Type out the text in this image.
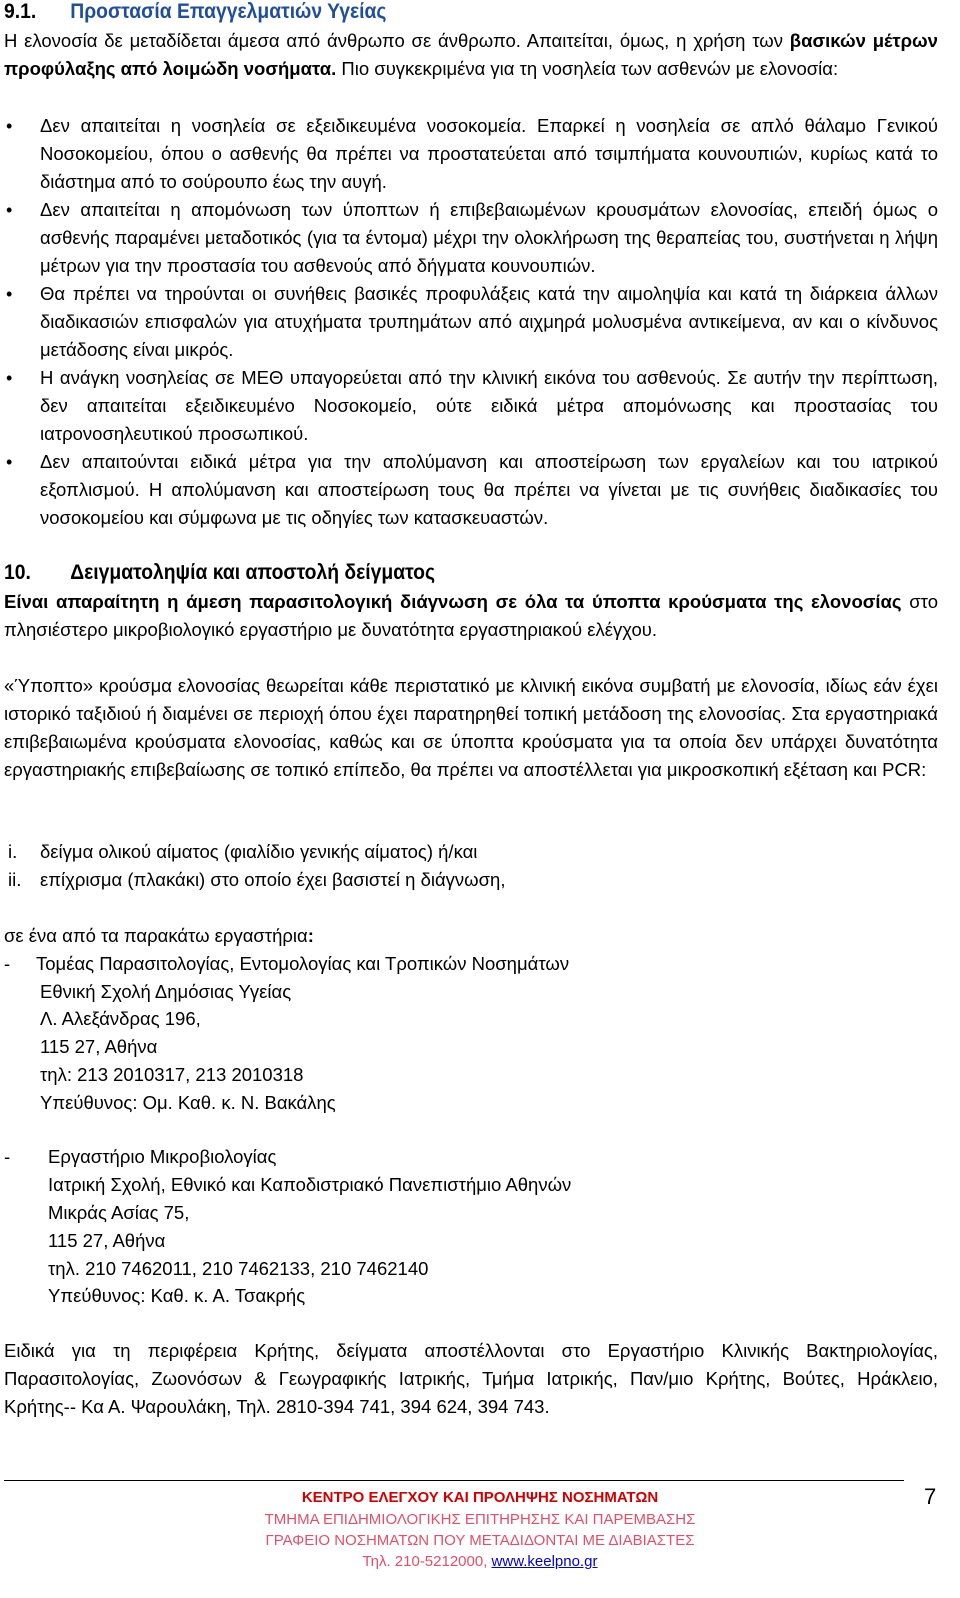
9.1. Προστασία Επαγγελματιών Υγείας

Η ελονοσία δε μεταδίδεται άμεσα από άνθρωπο σε άνθρωπο. Απαιτείται, όμως, η χρήση των βασικών μέτρων προφύλαξης από λοιμώδη νοσήματα. Πιο συγκεκριμένα για τη νοσηλεία των ασθενών με ελονοσία:

• Δεν απαιτείται η νοσηλεία σε εξειδικευμένα νοσοκομεία. Επαρκεί η νοσηλεία σε απλό θάλαμο Γενικού Νοσοκομείου, όπου ο ασθενής θα πρέπει να προστατεύεται από τσιμπήματα κουνουπιών, κυρίως κατά το διάστημα από το σούρουπο έως την αυγή.
• Δεν απαιτείται η απομόνωση των ύποπτων ή επιβεβαιωμένων κρουσμάτων ελονοσίας, επειδή όμως ο ασθενής παραμένει μεταδοτικός (για τα έντομα) μέχρι την ολοκλήρωση της θεραπείας του, συστήνεται η λήψη μέτρων για την προστασία του ασθενούς από δήγματα κουνουπιών.
• Θα πρέπει να τηρούνται οι συνήθεις βασικές προφυλάξεις κατά την αιμοληψία και κατά τη διάρκεια άλλων διαδικασιών επισφαλών για ατυχήματα τρυπημάτων από αιχμηρά μολυσμένα αντικείμενα, αν και ο κίνδυνος μετάδοσης είναι μικρός.
• Η ανάγκη νοσηλείας σε ΜΕΘ υπαγορεύεται από την κλινική εικόνα του ασθενούς. Σε αυτήν την περίπτωση, δεν απαιτείται εξειδικευμένο Νοσοκομείο, ούτε ειδικά μέτρα απομόνωσης και προστασίας του ιατρονοσηλευτικού προσωπικού.
• Δεν απαιτούνται ειδικά μέτρα για την απολύμανση και αποστείρωση των εργαλείων και του ιατρικού εξοπλισμού. Η απολύμανση και αποστείρωση τους θα πρέπει να γίνεται με τις συνήθεις διαδικασίες του νοσοκομείου και σύμφωνα με τις οδηγίες των κατασκευαστών.
10. Δειγματοληψία και αποστολή δείγματος

Είναι απαραίτητη η άμεση παρασιτολογική διάγνωση σε όλα τα ύποπτα κρούσματα της ελονοσίας στο πλησιέστερο μικροβιολογικό εργαστήριο με δυνατότητα εργαστηριακού ελέγχου.

«Ύποπτο» κρούσμα ελονοσίας θεωρείται κάθε περιστατικό με κλινική εικόνα συμβατή με ελονοσία, ιδίως εάν έχει ιστορικό ταξιδιού ή διαμένει σε περιοχή όπου έχει παρατηρηθεί τοπική μετάδοση της ελονοσίας. Στα εργαστηριακά επιβεβαιωμένα κρούσματα ελονοσίας, καθώς και σε ύποπτα κρούσματα για τα οποία δεν υπάρχει δυνατότητα εργαστηριακής επιβεβαίωσης σε τοπικό επίπεδο, θα πρέπει να αποστέλλεται για μικροσκοπική εξέταση και PCR:

i. δείγμα ολικού αίματος (φιαλίδιο γενικής αίματος) ή/και
ii. επίχρισμα (πλακάκι) στο οποίο έχει βασιστεί η διάγνωση,
σε ένα από τα παρακάτω εργαστήρια:
- Τομέας Παρασιτολογίας, Εντομολογίας και Τροπικών Νοσημάτων
Εθνική Σχολή Δημόσιας Υγείας
Λ. Αλεξάνδρας 196,
115 27, Αθήνα
τηλ: 213 2010317, 213 2010318
Υπεύθυνος: Ομ. Καθ. κ. Ν. Βακάλης
- Εργαστήριο Μικροβιολογίας
Ιατρική Σχολή, Εθνικό και Καποδιστριακό Πανεπιστήμιο Αθηνών
Μικράς Ασίας 75,
115 27, Αθήνα
τηλ. 210 7462011, 210 7462133, 210 7462140
Υπεύθυνος: Καθ. κ. Α. Τσακρής

Ειδικά για τη περιφέρεια Κρήτης, δείγματα αποστέλλονται στο Εργαστήριο Κλινικής Βακτηριολογίας, Παρασιτολογίας, Ζωονόσων & Γεωγραφικής Ιατρικής, Τμήμα Ιατρικής, Παν/μιο Κρήτης, Βούτες, Ηράκλειο, Κρήτης-- Κα Α. Ψαρουλάκη, Τηλ. 2810-394 741, 394 624, 394 743.

7
ΚΕΝΤΡΟ ΕΛΕΓΧΟΥ ΚΑΙ ΠΡΟΛΗΨΗΣ ΝΟΣΗΜΑΤΩΝ
ΤΜΗΜΑ ΕΠΙΔΗΜΙΟΛΟΓΙΚΗΣ ΕΠΙΤΗΡΗΣΗΣ ΚΑΙ ΠΑΡΕΜΒΑΣΗΣ
ΓΡΑΦΕΙΟ ΝΟΣΗΜΑΤΩΝ ΠΟΥ ΜΕΤΑΔΙΔΟΝΤΑΙ ΜΕ ΔΙΑΒΙΑΣΤΕΣ
Τηλ. 210-5212000, www.keelpno.gr
